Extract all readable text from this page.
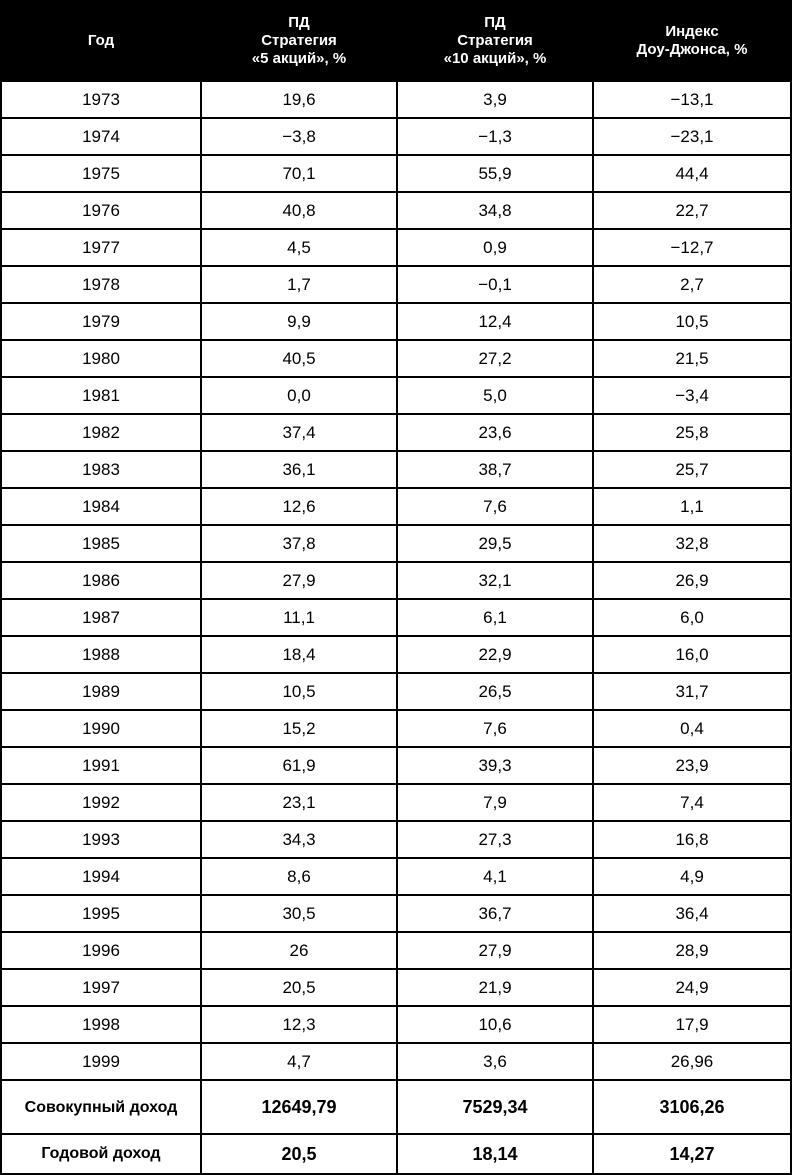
Год	ПД
Стратегия
«5 акций», %	ПД
Стратегия
«10 акций», %	Индекс
Доу-Джонса, %

1973	19,6	3,9	−13,1
1974	−3,8	−1,3	−23,1
1975	70,1	55,9	44,4
1976	40,8	34,8	22,7
1977	4,5	0,9	−12,7
1978	1,7	−0,1	2,7
1979	9,9	12,4	10,5
1980	40,5	27,2	21,5
1981	0,0	5,0	−3,4
1982	37,4	23,6	25,8
1983	36,1	38,7	25,7
1984	12,6	7,6	1,1
1985	37,8	29,5	32,8
1986	27,9	32,1	26,9
1987	11,1	6,1	6,0
1988	18,4	22,9	16,0
1989	10,5	26,5	31,7
1990	15,2	7,6	0,4
1991	61,9	39,3	23,9
1992	23,1	7,9	7,4
1993	34,3	27,3	16,8
1994	8,6	4,1	4,9
1995	30,5	36,7	36,4
1996	26	27,9	28,9
1997	20,5	21,9	24,9
1998	12,3	10,6	17,9
1999	4,7	3,6	26,96
Совокупный доход	12649,79	7529,34	3106,26
Годовой доход	20,5	18,14	14,27
